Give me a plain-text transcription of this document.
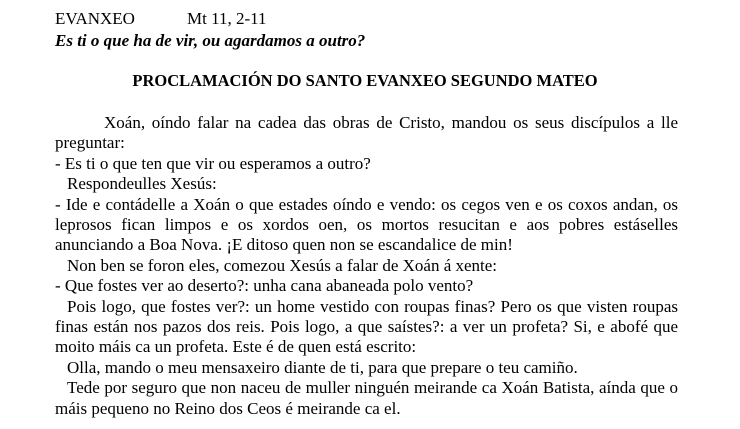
EVANXEO	Mt 11, 2-11
Es ti o que ha de vir, ou agardamos a outro?
PROCLAMACIÓN DO SANTO EVANXEO SEGUNDO MATEO

Xoán, oíndo falar na cadea das obras de Cristo, mandou os seus discípulos a lle preguntar:

- Es ti o que ten que vir ou esperamos a outro?

Respondeulles Xesús:

- Ide e contádelle a Xoán o que estades oíndo e vendo: os cegos ven e os coxos andan, os leprosos fican limpos e os xordos oen, os mortos resucitan e aos pobres estáselles anunciando a Boa Nova. ¡E ditoso quen non se escandalice de min!

Non ben se foron eles, comezou Xesús a falar de Xoán á xente:

- Que fostes ver ao deserto?: unha cana abaneada polo vento?

Pois logo, que fostes ver?: un home vestido con roupas finas? Pero os que visten roupas finas están nos pazos dos reis. Pois logo, a que saístes?: a ver un profeta? Si, e abofé que moito máis ca un profeta. Este é de quen está escrito:

Olla, mando o meu mensaxeiro diante de ti, para que prepare o teu camiño.

Tede por seguro que non naceu de muller ninguén meirande ca Xoán Batista, aínda que o máis pequeno no Reino dos Ceos é meirande ca el.
